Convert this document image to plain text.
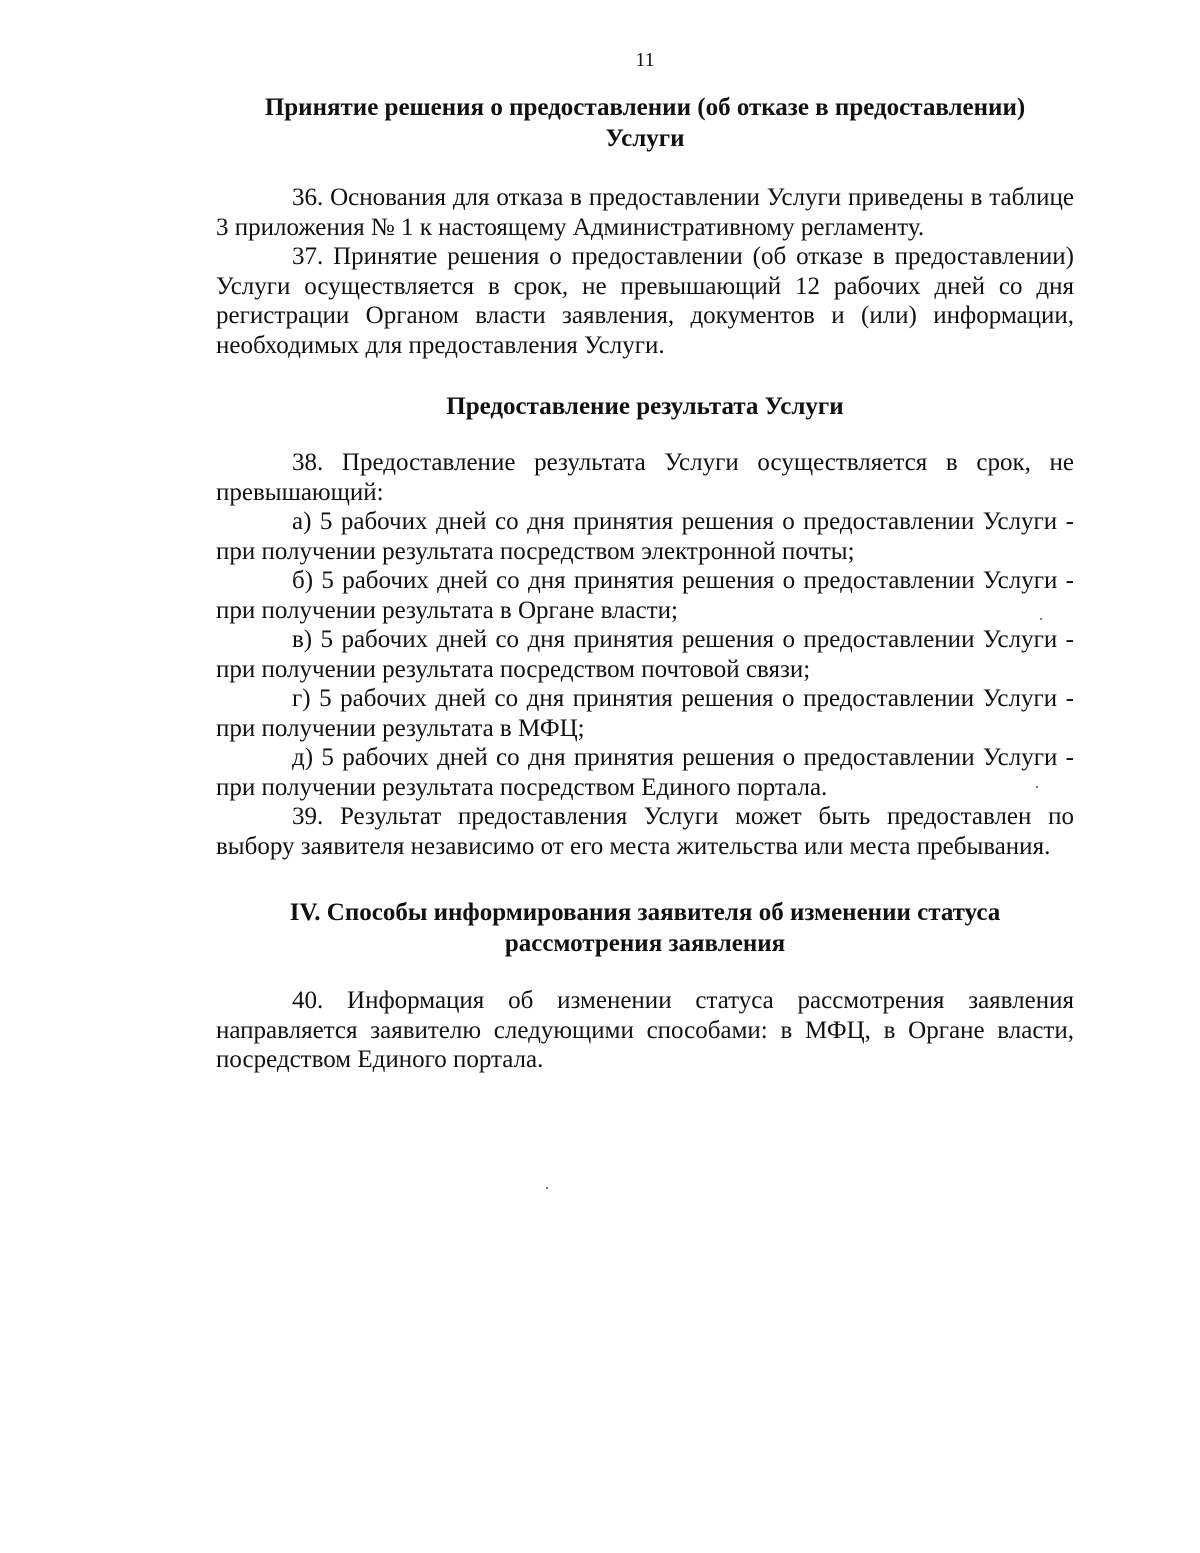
11
Принятие решения о предоставлении (об отказе в предоставлении)
Услуги

36. Основания для отказа в предоставлении Услуги приведены в таблице 3 приложения № 1 к настоящему Административному регламенту.

37. Принятие решения о предоставлении (об отказе в предоставлении) Услуги осуществляется в срок, не превышающий 12 рабочих дней со дня регистрации Органом власти заявления, документов и (или) информации, необходимых для предоставления Услуги.

Предоставление результата Услуги

38. Предоставление результата Услуги осуществляется в срок, не превышающий:

а) 5 рабочих дней со дня принятия решения о предоставлении Услуги - при получении результата посредством электронной почты;

б) 5 рабочих дней со дня принятия решения о предоставлении Услуги - при получении результата в Органе власти;

в) 5 рабочих дней со дня принятия решения о предоставлении Услуги - при получении результата посредством почтовой связи;

г) 5 рабочих дней со дня принятия решения о предоставлении Услуги - при получении результата в МФЦ;

д) 5 рабочих дней со дня принятия решения о предоставлении Услуги - при получении результата посредством Единого портала.

39. Результат предоставления Услуги может быть предоставлен по выбору заявителя независимо от его места жительства или места пребывания.

IV. Способы информирования заявителя об изменении статуса
рассмотрения заявления

40. Информация об изменении статуса рассмотрения заявления направляется заявителю следующими способами: в МФЦ, в Органе власти, посредством Единого портала.
